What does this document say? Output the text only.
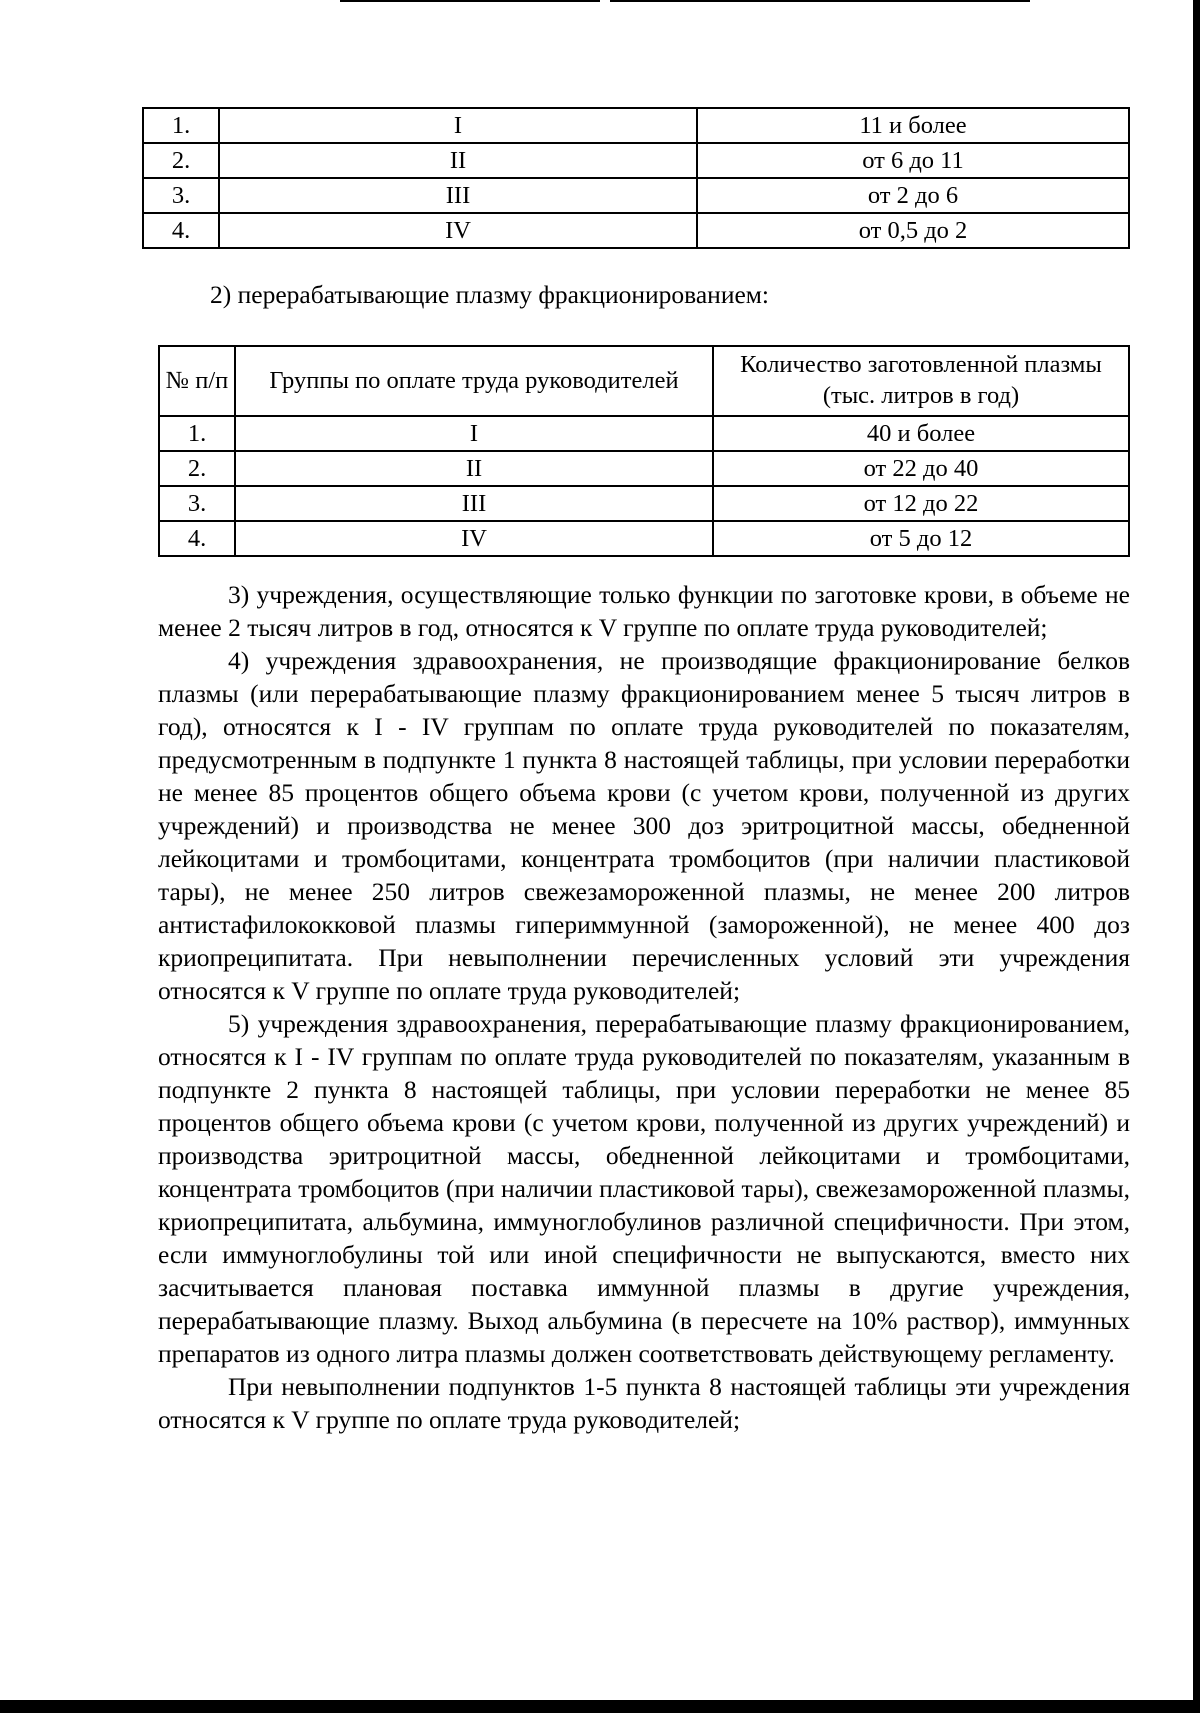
1.	I	11 и более
2.	II	от 6 до 11
3.	III	от 2 до 6
4.	IV	от 0,5 до 2
2) перерабатывающие плазму фракционированием:
№ п/п	Группы по оплате труда руководителей	Количество заготовленной плазмы (тыс. литров в год)
1.	I	40 и более
2.	II	от 22 до 40
3.	III	от 12 до 22
4.	IV	от 5 до 12

3) учреждения, осуществляющие только функции по заготовке крови, в объеме не менее 2 тысяч литров в год, относятся к V группе по оплате труда руководителей;

4) учреждения здравоохранения, не производящие фракционирование белков плазмы (или перерабатывающие плазму фракционированием менее 5 тысяч литров в год), относятся к I - IV группам по оплате труда руководителей по показателям, предусмотренным в подпункте 1 пункта 8 настоящей таблицы, при условии переработки не менее 85 процентов общего объема крови (с учетом крови, полученной из других учреждений) и производства не менее 300 доз эритроцитной массы, обедненной лейкоцитами и тромбоцитами, концентрата тромбоцитов (при наличии пластиковой тары), не менее 250 литров свежезамороженной плазмы, не менее 200 литров антистафилококковой плазмы гипериммунной (замороженной), не менее 400 доз криопреципитата. При невыполнении перечисленных условий эти учреждения относятся к V группе по оплате труда руководителей;

5) учреждения здравоохранения, перерабатывающие плазму фракционированием, относятся к I - IV группам по оплате труда руководителей по показателям, указанным в подпункте 2 пункта 8 настоящей таблицы, при условии переработки не менее 85 процентов общего объема крови (с учетом крови, полученной из других учреждений) и производства эритроцитной массы, обедненной лейкоцитами и тромбоцитами, концентрата тромбоцитов (при наличии пластиковой тары), свежезамороженной плазмы, криопреципитата, альбумина, иммуноглобулинов различной специфичности. При этом, если иммуноглобулины той или иной специфичности не выпускаются, вместо них засчитывается плановая поставка иммунной плазмы в другие учреждения, перерабатывающие плазму. Выход альбумина (в пересчете на 10% раствор), иммунных препаратов из одного литра плазмы должен соответствовать действующему регламенту.

При невыполнении подпунктов 1-5 пункта 8 настоящей таблицы эти учреждения относятся к V группе по оплате труда руководителей;
